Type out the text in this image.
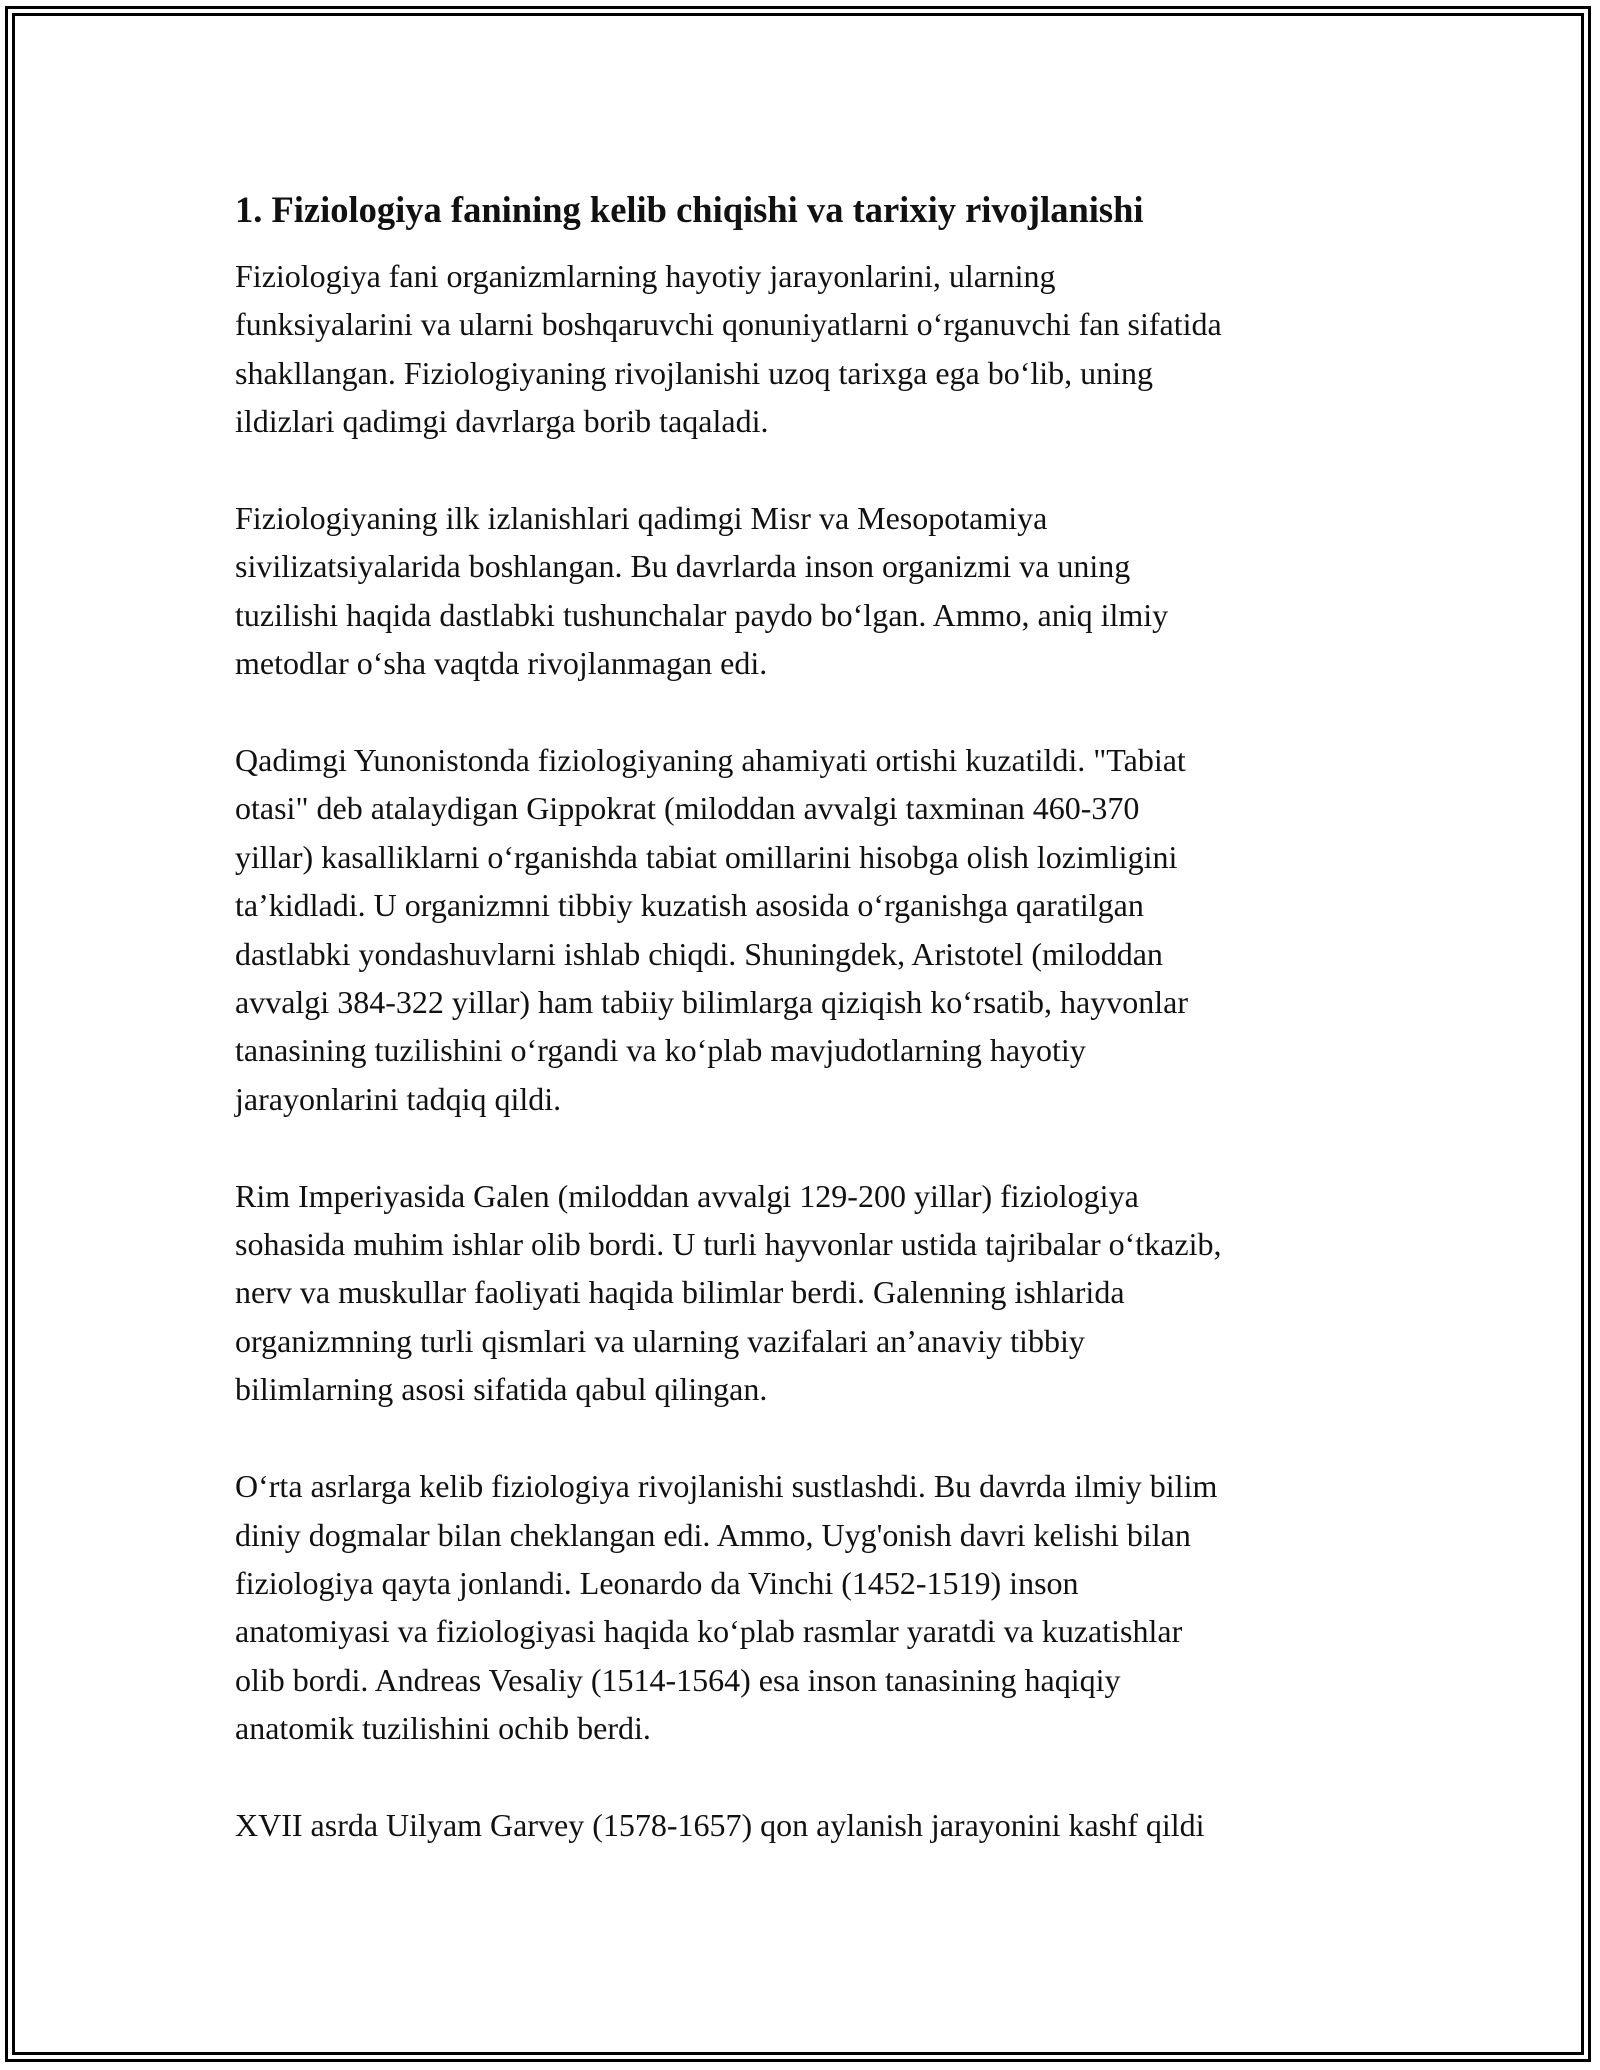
1. Fiziologiya fanining kelib chiqishi va tarixiy rivojlanishi

Fiziologiya fani organizmlarning hayotiy jarayonlarini, ularning
funksiyalarini va ularni boshqaruvchi qonuniyatlarni o‘rganuvchi fan sifatida
shakllangan. Fiziologiyaning rivojlanishi uzoq tarixga ega bo‘lib, uning
ildizlari qadimgi davrlarga borib taqaladi.

Fiziologiyaning ilk izlanishlari qadimgi Misr va Mesopotamiya
sivilizatsiyalarida boshlangan. Bu davrlarda inson organizmi va uning
tuzilishi haqida dastlabki tushunchalar paydo bo‘lgan. Ammo, aniq ilmiy
metodlar o‘sha vaqtda rivojlanmagan edi.

Qadimgi Yunonistonda fiziologiyaning ahamiyati ortishi kuzatildi. "Tabiat
otasi" deb atalaydigan Gippokrat (miloddan avvalgi taxminan 460-370
yillar) kasalliklarni o‘rganishda tabiat omillarini hisobga olish lozimligini
ta’kidladi. U organizmni tibbiy kuzatish asosida o‘rganishga qaratilgan
dastlabki yondashuvlarni ishlab chiqdi. Shuningdek, Aristotel (miloddan
avvalgi 384-322 yillar) ham tabiiy bilimlarga qiziqish ko‘rsatib, hayvonlar
tanasining tuzilishini o‘rgandi va ko‘plab mavjudotlarning hayotiy
jarayonlarini tadqiq qildi.

Rim Imperiyasida Galen (miloddan avvalgi 129-200 yillar) fiziologiya
sohasida muhim ishlar olib bordi. U turli hayvonlar ustida tajribalar o‘tkazib,
nerv va muskullar faoliyati haqida bilimlar berdi. Galenning ishlarida
organizmning turli qismlari va ularning vazifalari an’anaviy tibbiy
bilimlarning asosi sifatida qabul qilingan.

O‘rta asrlarga kelib fiziologiya rivojlanishi sustlashdi. Bu davrda ilmiy bilim
diniy dogmalar bilan cheklangan edi. Ammo, Uyg'onish davri kelishi bilan
fiziologiya qayta jonlandi. Leonardo da Vinchi (1452-1519) inson
anatomiyasi va fiziologiyasi haqida ko‘plab rasmlar yaratdi va kuzatishlar
olib bordi. Andreas Vesaliy (1514-1564) esa inson tanasining haqiqiy
anatomik tuzilishini ochib berdi.

XVII asrda Uilyam Garvey (1578-1657) qon aylanish jarayonini kashf qildi
